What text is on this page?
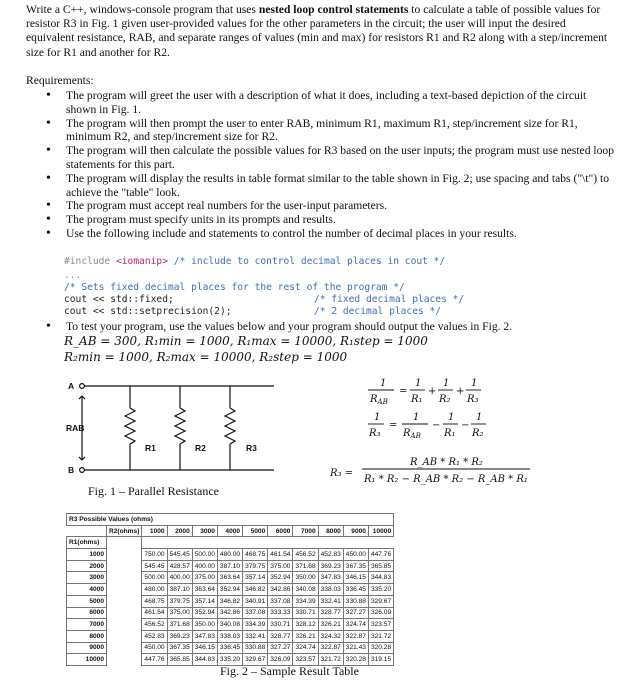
Write a C++, windows-console program that uses nested loop control statements to calculate a table of possible values for resistor R3 in Fig. 1 given user-provided values for the other parameters in the circuit; the user will input the desired equivalent resistance, RAB, and separate ranges of values (min and max) for resistors R1 and R2 along with a step/increment size for R1 and another for R2.
Requirements:
• The program will greet the user with a description of what it does, including a text-based depiction of the circuit shown in Fig. 1.
• The program will then prompt the user to enter RAB, minimum R1, maximum R1, step/increment size for R1, minimum R2, and step/increment size for R2.
• The program will then calculate the possible values for R3 based on the user inputs; the program must use nested loop statements for this part.
• The program will display the results in table format similar to the table shown in Fig. 2; use spacing and tabs ("\t") to achieve the "table" look.
• The program must accept real numbers for the user-input parameters.
• The program must specify units in its prompts and results.
• Use the following include and statements to control the number of decimal places in your results.
#include <iomanip> /* include to control decimal places in cout */
...
/* Sets fixed decimal places for the rest of the program */
cout << std::fixed;	/* fixed decimal places */
cout << std::setprecision(2);	/* 2 decimal places */
• To test your program, use the values below and your program should output the values in Fig. 2.
R_AB = 300, R₁min = 1000, R₁max = 10000, R₁step = 1000
R₂min = 1000, R₂max = 10000, R₂step = 1000
A
B
RAB
R1	R2	R3
Fig. 1 – Parallel Resistance
1
$R_{AB}$
=
1
R₁
+
1
R₂
+
1
R₃
1
R₃
=
1
$R_{AB}$
−
1
R₁
−
1
R₂
R₃ =
R_AB * R₁ * R₂
R₁ * R₂ − R_AB * R₂ − R_AB * R₁
R3 Possible Values (ohms)											
	R2(ohms)	1000	2000	3000	4000	5000	6000	7000	8000	9000	10000
R1(ohms)											
1000		750.00	545.45	500.00	480.00	468.75	461.54	456.52	452.83	450.00	447.76
2000		545.45	428.57	400.00	387.10	379.75	375.00	371.68	369.23	367.35	365.85
3000		500.00	400.00	375.00	363.64	357.14	352.94	350.00	347.83	346.15	344.83
4000		480.00	387.10	363.64	352.94	346.82	342.86	340.08	338.03	336.45	335.20
5000		468.75	379.75	357.14	346.82	340.91	337.08	334.39	332.41	330.88	329.67
6000		461.54	375.00	352.94	342.86	337.08	333.33	330.71	328.77	327.27	326.09
7000		456.52	371.68	350.00	340.08	334.39	330.71	328.12	326.21	324.74	323.57
8000		452.83	369.23	347.83	338.03	332.41	328.77	326.21	324.32	322.87	321.72
9000		450.00	367.35	346.15	336.45	330.88	327.27	324.74	322.87	321.43	320.28
10000		447.76	365.85	344.83	335.20	329.67	326.09	323.57	321.72	320.28	319.15
Fig. 2 – Sample Result Table
